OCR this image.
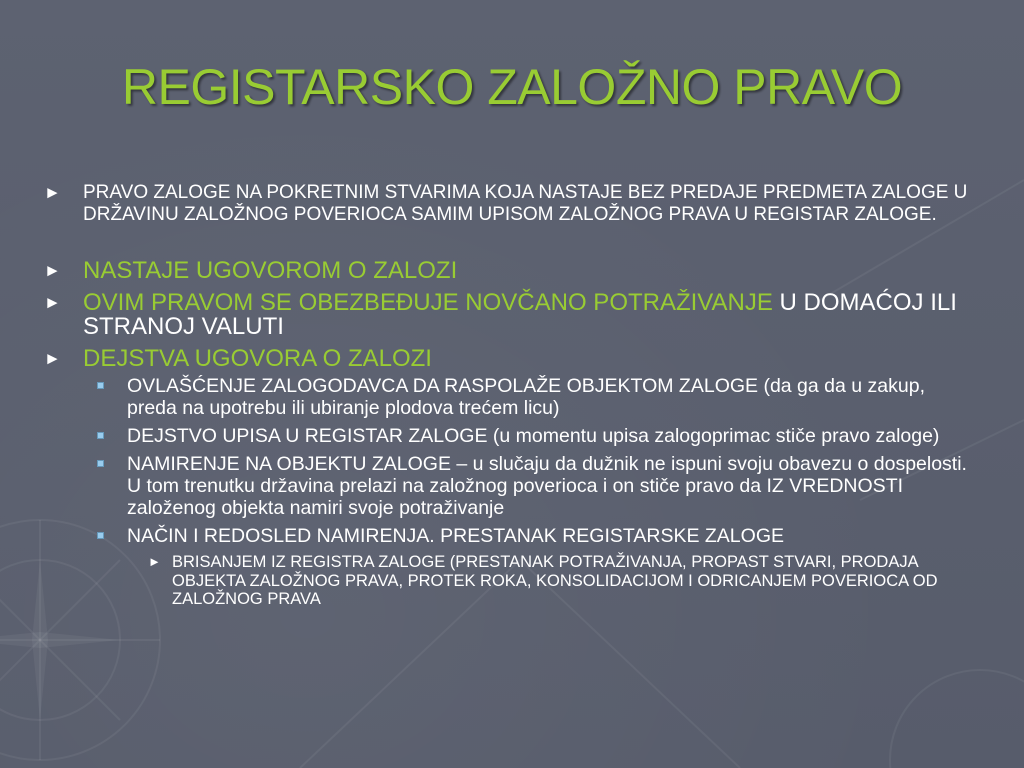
REGISTARSKO ZALOŽNO PRAVO
► PRAVO ZALOGE NA POKRETNIM STVARIMA KOJA NASTAJE BEZ PREDAJE PREDMETA ZALOGE U DRŽAVINU ZALOŽNOG POVERIOCA SAMIM UPISOM ZALOŽNOG PRAVA U REGISTAR ZALOGE.
► NASTAJE UGOVOROM O ZALOZI
► OVIM PRAVOM SE OBEZBEĐUJE NOVČANO POTRAŽIVANJE U DOMAĆOJ ILI STRANOJ VALUTI
► DEJSTVA UGOVORA O ZALOZI
OVLAŠĆENJE ZALOGODAVCA DA RASPOLAŽE OBJEKTOM ZALOGE (da ga da u zakup, preda na upotrebu ili ubiranje plodova trećem licu)
DEJSTVO UPISA U REGISTAR ZALOGE (u momentu upisa zalogoprimac stiče pravo zaloge)
NAMIRENJE NA OBJEKTU ZALOGE – u slučaju da dužnik ne ispuni svoju obavezu o dospelosti. U tom trenutku državina prelazi na založnog poverioca i on stiče pravo da IZ VREDNOSTI založenog objekta namiri svoje potraživanje
NAČIN I REDOSLED NAMIRENJA. PRESTANAK REGISTARSKE ZALOGE
► BRISANJEM IZ REGISTRA ZALOGE (PRESTANAK POTRAŽIVANJA, PROPAST STVARI, PRODAJA OBJEKTA ZALOŽNOG PRAVA, PROTEK ROKA, KONSOLIDACIJOM I ODRICANJEM POVERIOCA OD ZALOŽNOG PRAVA
